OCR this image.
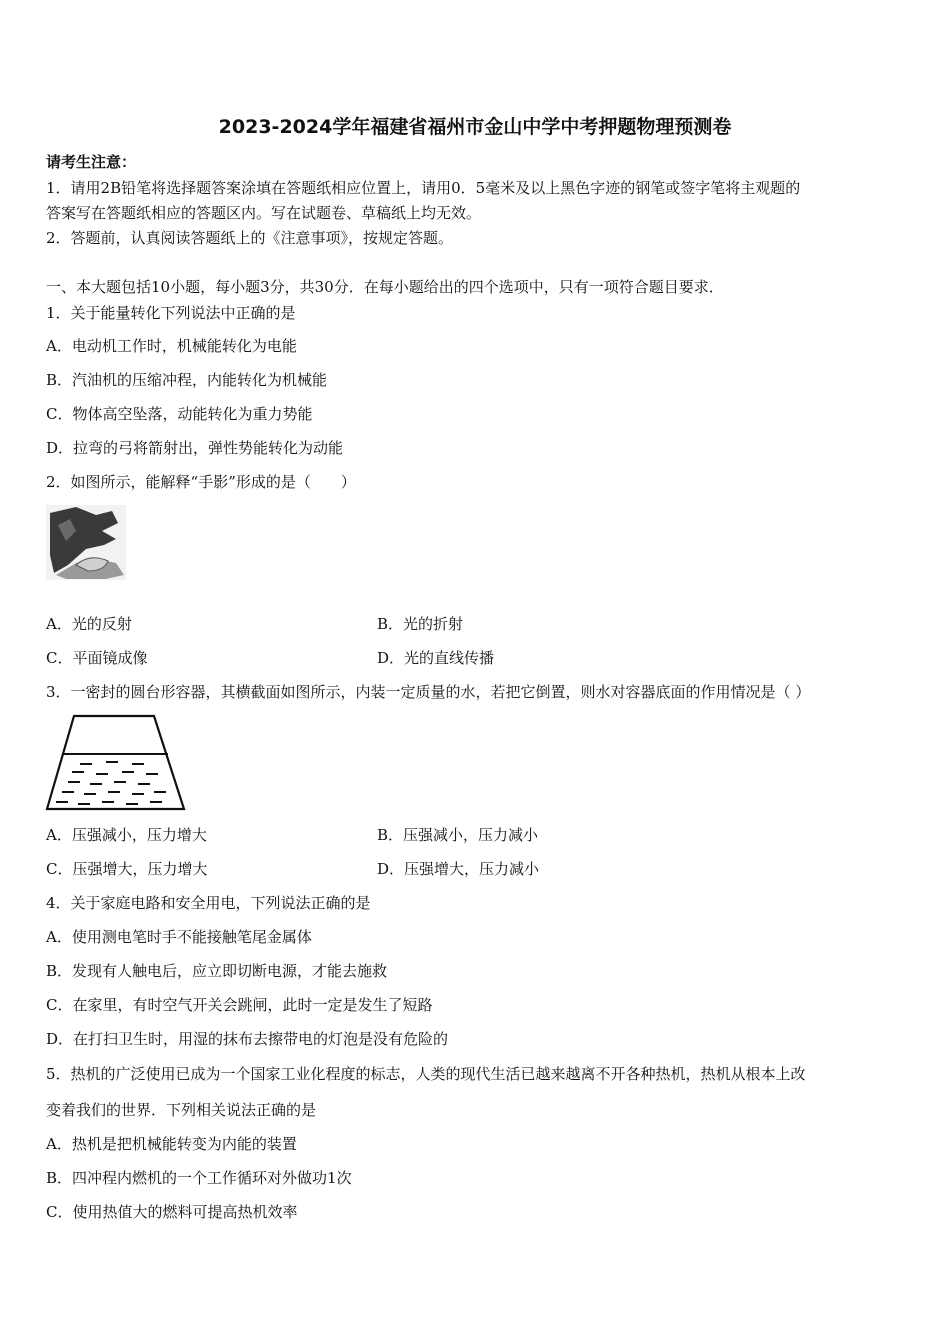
2023-2024学年福建省福州市金山中学中考押题物理预测卷
请考生注意：
1．请用2B铅笔将选择题答案涂填在答题纸相应位置上，请用0．5毫米及以上黑色字迹的钢笔或签字笔将主观题的
答案写在答题纸相应的答题区内。写在试题卷、草稿纸上均无效。
2．答题前，认真阅读答题纸上的《注意事项》，按规定答题。
一、本大题包括10小题，每小题3分，共30分．在每小题给出的四个选项中，只有一项符合题目要求．
1．关于能量转化下列说法中正确的是
A．电动机工作时，机械能转化为电能
B．汽油机的压缩冲程，内能转化为机械能
C．物体高空坠落，动能转化为重力势能
D．拉弯的弓将箭射出，弹性势能转化为动能
2．如图所示，能解释“手影”形成的是（　　）
A．光的反射	B．光的折射
C．平面镜成像	D．光的直线传播
3．一密封的圆台形容器，其横截面如图所示，内装一定质量的水，若把它倒置，则水对容器底面的作用情况是（ ）
A．压强减小，压力增大	B．压强减小，压力减小
C．压强增大，压力增大	D．压强增大，压力减小
4．关于家庭电路和安全用电，下列说法正确的是
A．使用测电笔时手不能接触笔尾金属体
B．发现有人触电后，应立即切断电源，才能去施救
C．在家里，有时空气开关会跳闸，此时一定是发生了短路
D．在打扫卫生时，用湿的抹布去擦带电的灯泡是没有危险的
5．热机的广泛使用已成为一个国家工业化程度的标志，人类的现代生活已越来越离不开各种热机，热机从根本上改
变着我们的世界．下列相关说法正确的是
A．热机是把机械能转变为内能的装置
B．四冲程内燃机的一个工作循环对外做功1次
C．使用热值大的燃料可提高热机效率
